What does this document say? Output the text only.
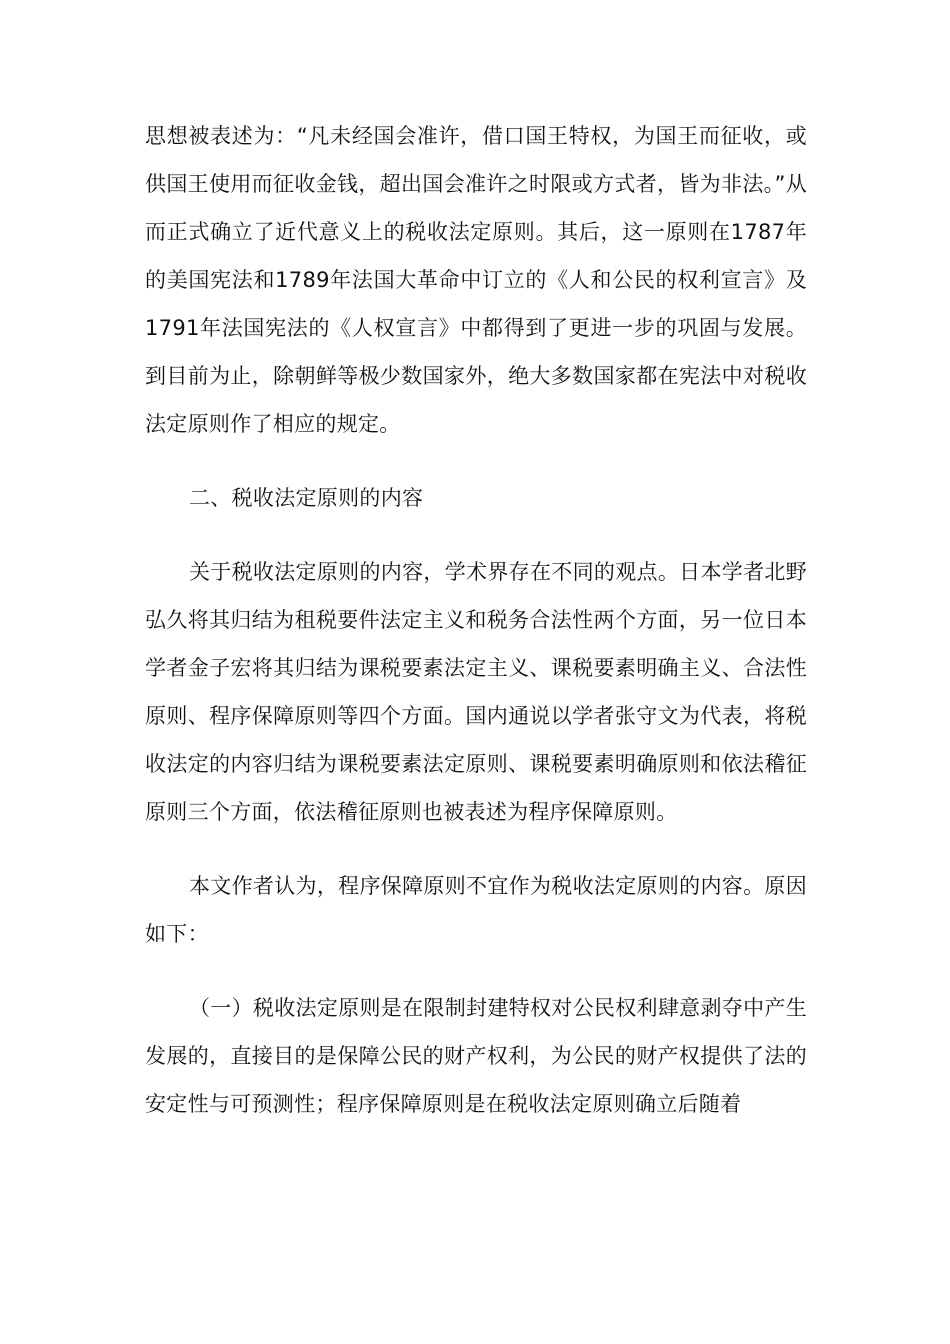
思想被表述为：“凡未经国会准许，借口国王特权，为国王而征收，或供国王使用而征收金钱，超出国会准许之时限或方式者，皆为非法。”从而正式确立了近代意义上的税收法定原则。其后，这一原则在1787年的美国宪法和1789年法国大革命中订立的《人和公民的权利宣言》及1791年法国宪法的《人权宣言》中都得到了更进一步的巩固与发展。到目前为止，除朝鲜等极少数国家外，绝大多数国家都在宪法中对税收法定原则作了相应的规定。

二、税收法定原则的内容

关于税收法定原则的内容，学术界存在不同的观点。日本学者北野弘久将其归结为租税要件法定主义和税务合法性两个方面，另一位日本学者金子宏将其归结为课税要素法定主义、课税要素明确主义、合法性原则、程序保障原则等四个方面。国内通说以学者张守文为代表，将税收法定的内容归结为课税要素法定原则、课税要素明确原则和依法稽征原则三个方面，依法稽征原则也被表述为程序保障原则。

本文作者认为，程序保障原则不宜作为税收法定原则的内容。原因如下：

（一）税收法定原则是在限制封建特权对公民权利肆意剥夺中产生发展的，直接目的是保障公民的财产权利，为公民的财产权提供了法的安定性与可预测性；程序保障原则是在税收法定原则确立后随着
